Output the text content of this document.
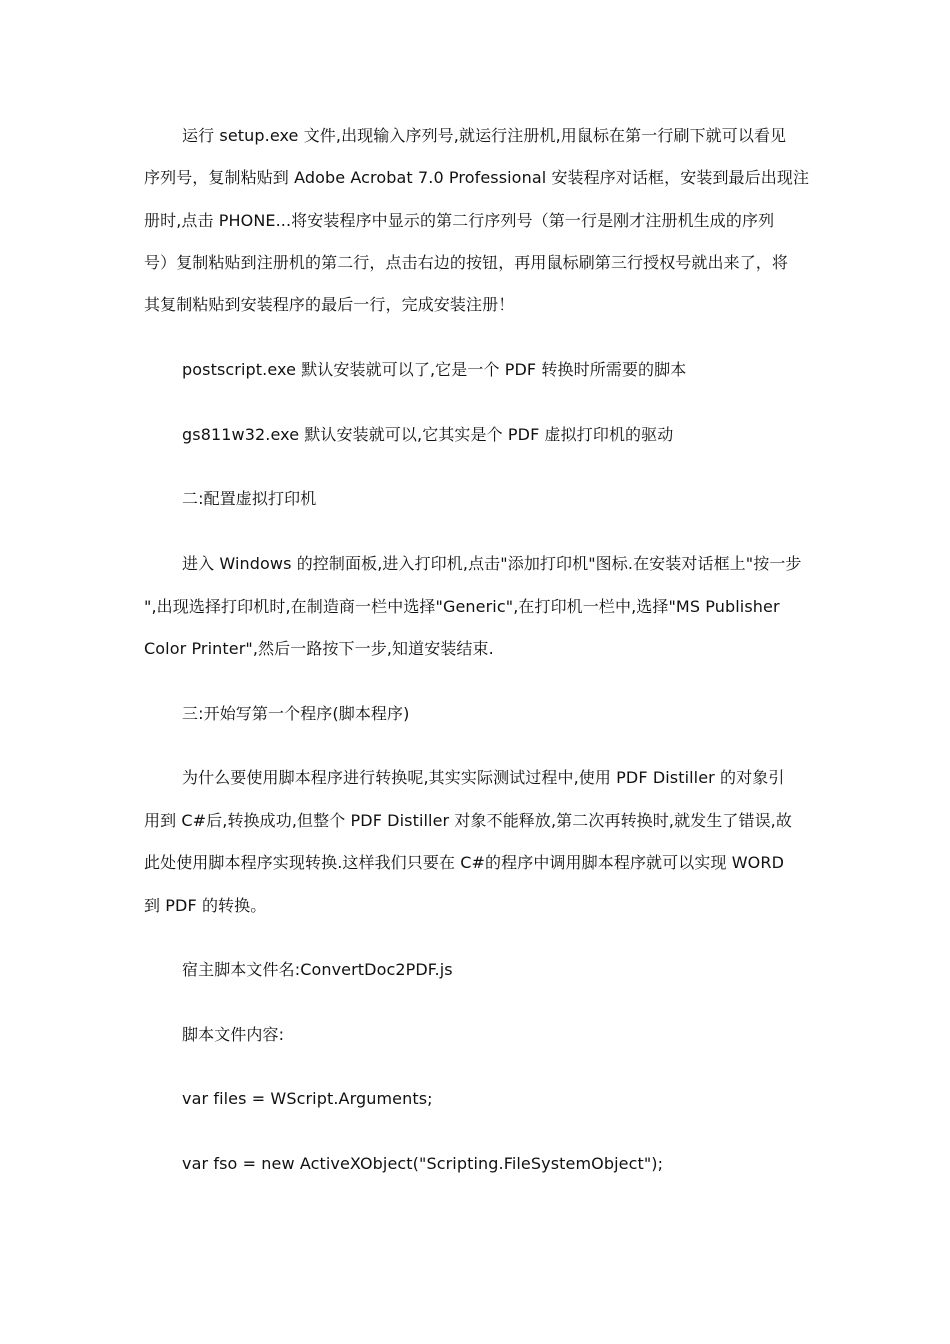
运行 setup.exe 文件,出现输入序列号,就运行注册机,用鼠标在第一行刷下就可以看见
序列号，复制粘贴到 Adobe Acrobat 7.0 Professional 安装程序对话框，安装到最后出现注
册时,点击 PHONE...将安装程序中显示的第二行序列号（第一行是刚才注册机生成的序列
号）复制粘贴到注册机的第二行，点击右边的按钮，再用鼠标刷第三行授权号就出来了，将
其复制粘贴到安装程序的最后一行，完成安装注册！
postscript.exe 默认安装就可以了,它是一个 PDF 转换时所需要的脚本
gs811w32.exe 默认安装就可以,它其实是个 PDF 虚拟打印机的驱动
二:配置虚拟打印机
进入 Windows 的控制面板,进入打印机,点击"添加打印机"图标.在安装对话框上"按一步
",出现选择打印机时,在制造商一栏中选择"Generic",在打印机一栏中,选择"MS Publisher
Color Printer",然后一路按下一步,知道安装结束.
三:开始写第一个程序(脚本程序)
为什么要使用脚本程序进行转换呢,其实实际测试过程中,使用 PDF Distiller 的对象引
用到 C#后,转换成功,但整个 PDF Distiller 对象不能释放,第二次再转换时,就发生了错误,故
此处使用脚本程序实现转换.这样我们只要在 C#的程序中调用脚本程序就可以实现 WORD
到 PDF 的转换。
宿主脚本文件名:ConvertDoc2PDF.js
脚本文件内容:
var files = WScript.Arguments;
var fso = new ActiveXObject("Scripting.FileSystemObject");
